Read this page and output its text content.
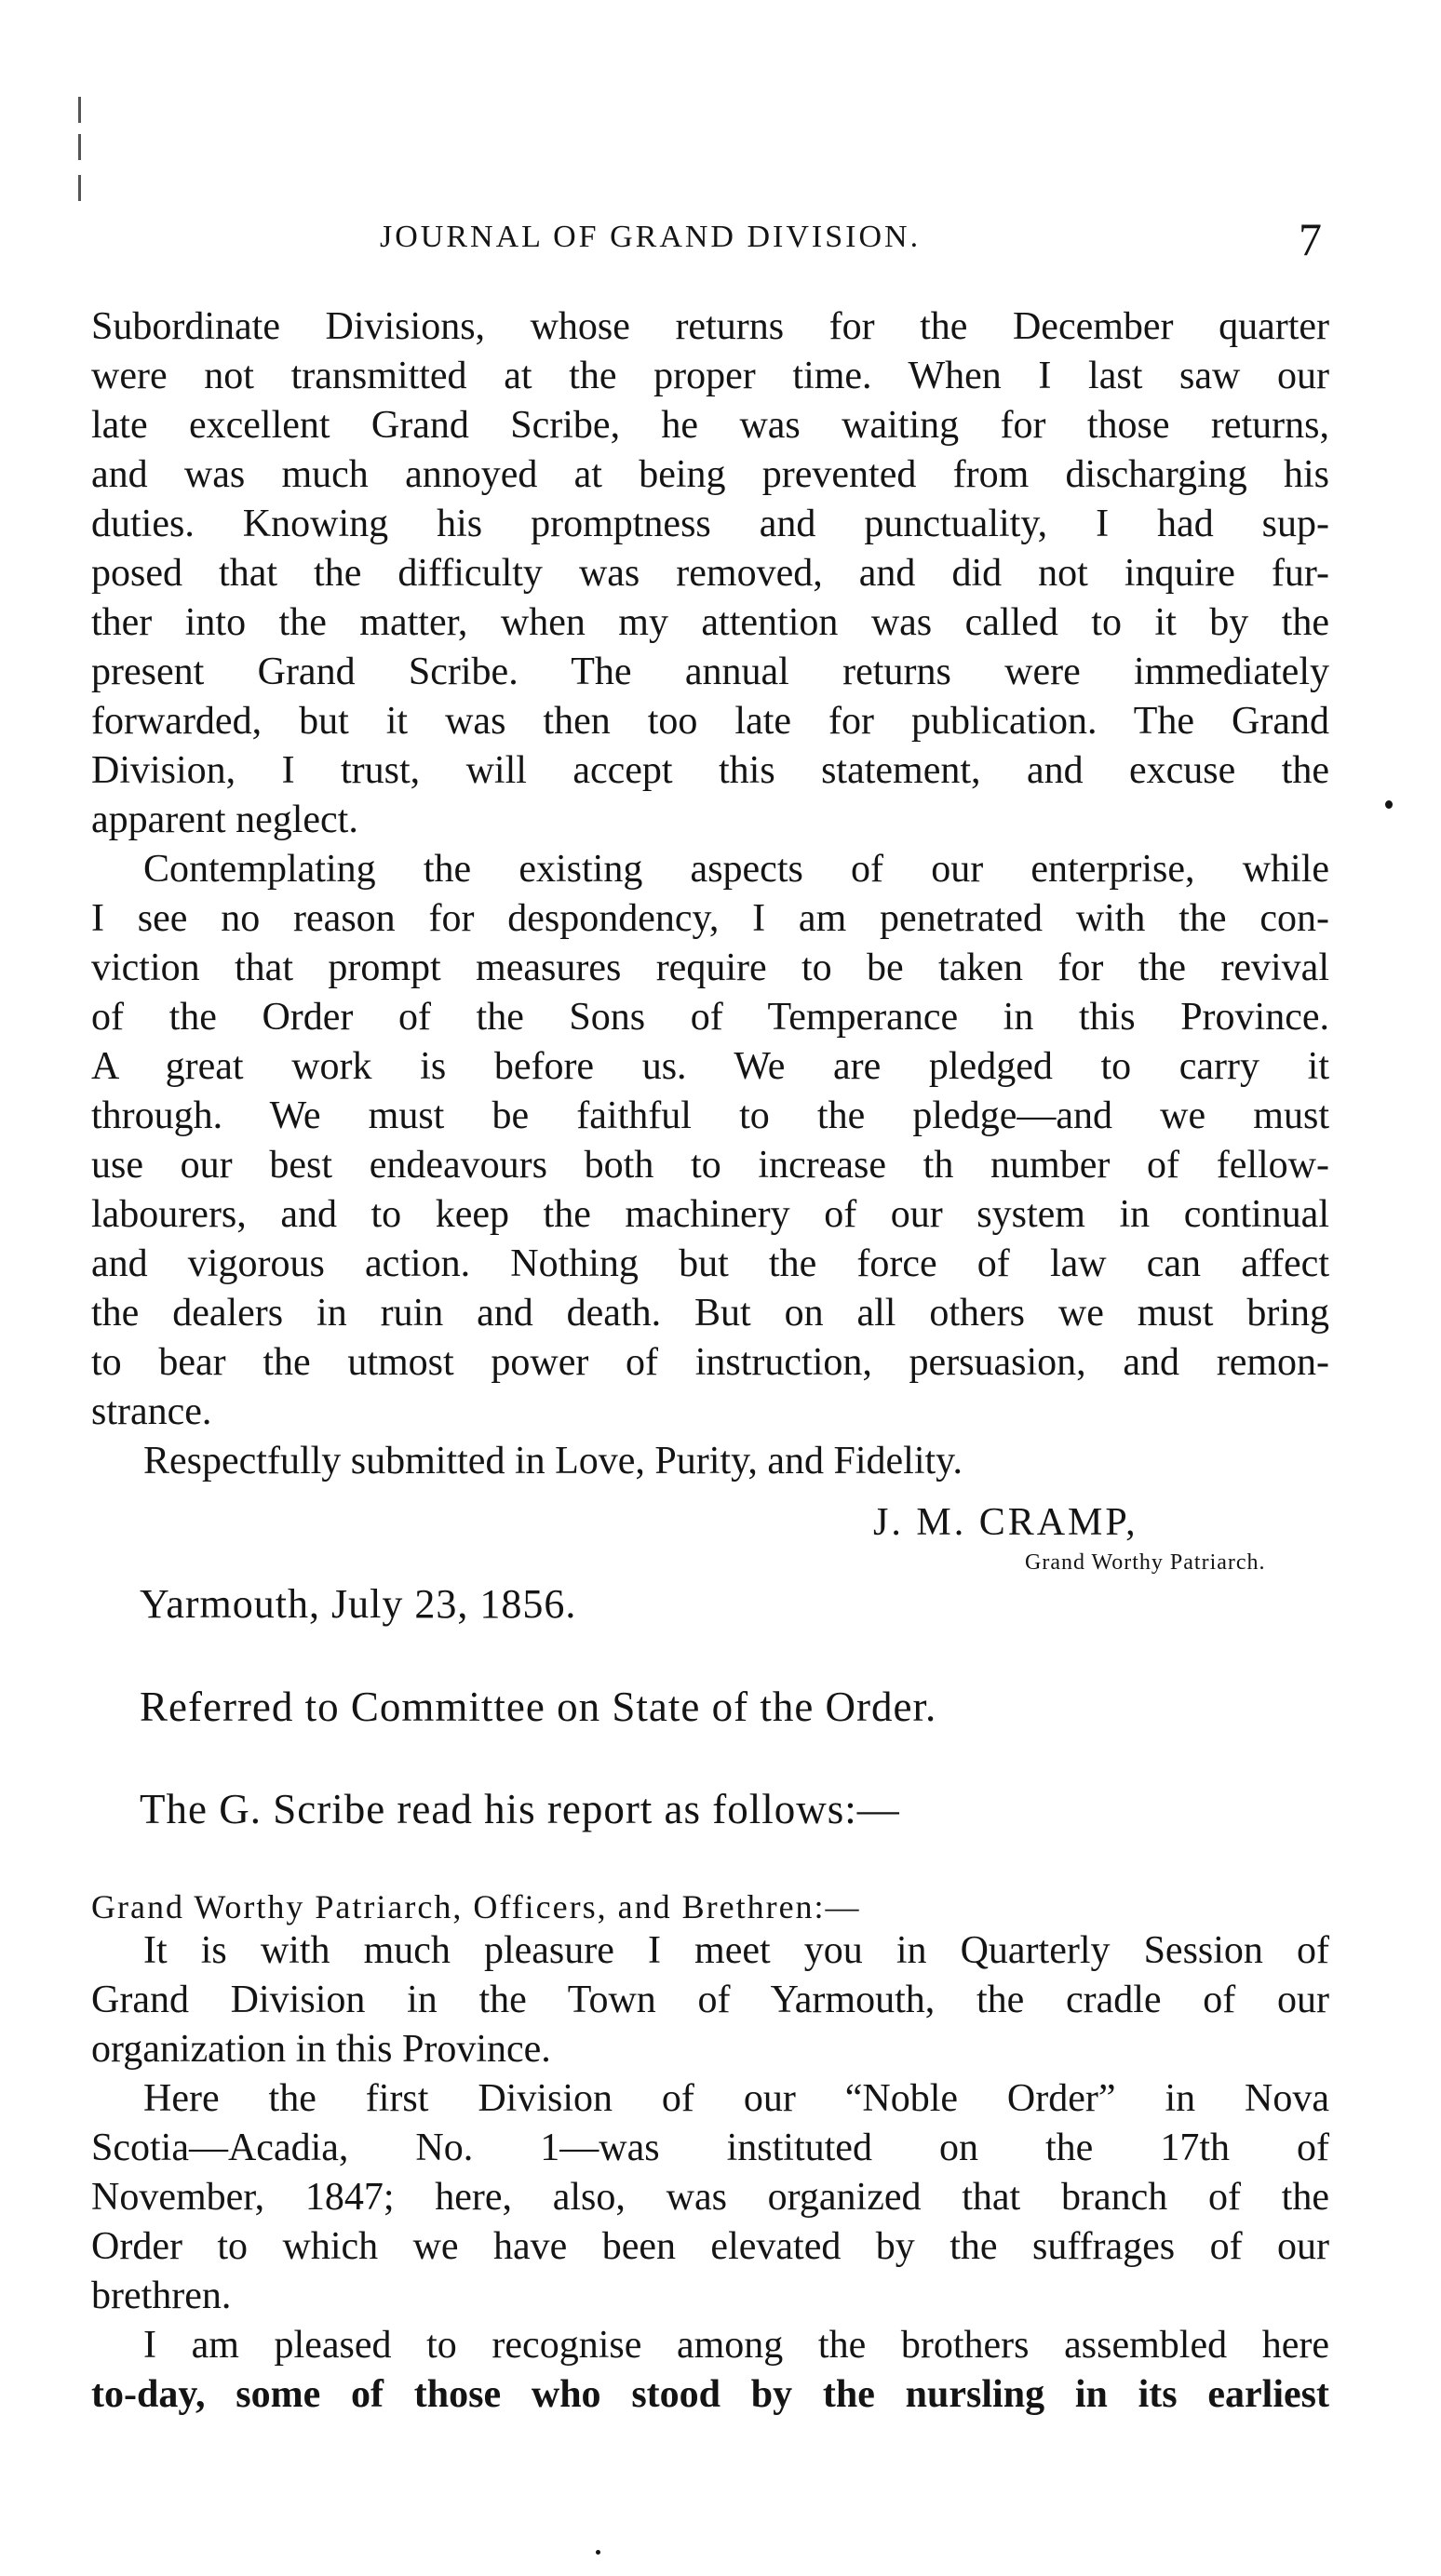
JOURNAL OF GRAND DIVISION.	7
Subordinate Divisions, whose returns for the December quarter
were not transmitted at the proper time. When I last saw our
late excellent Grand Scribe, he was waiting for those returns,
and was much annoyed at being prevented from discharging his
duties. Knowing his promptness and punctuality, I had sup-
posed that the difficulty was removed, and did not inquire fur-
ther into the matter, when my attention was called to it by the
present Grand Scribe. The annual returns were immediately
forwarded, but it was then too late for publication. The Grand
Division, I trust, will accept this statement, and excuse the
apparent neglect.
Contemplating the existing aspects of our enterprise, while
I see no reason for despondency, I am penetrated with the con-
viction that prompt measures require to be taken for the revival
of the Order of the Sons of Temperance in this Province.
A great work is before us. We are pledged to carry it
through. We must be faithful to the pledge—and we must
use our best endeavours both to increase th number of fellow-
labourers, and to keep the machinery of our system in continual
and vigorous action. Nothing but the force of law can affect
the dealers in ruin and death. But on all others we must bring
to bear the utmost power of instruction, persuasion, and remon-
strance.
Respectfully submitted in Love, Purity, and Fidelity.
J. M. CRAMP,
Grand Worthy Patriarch.
Yarmouth, July 23, 1856.
Referred to Committee on State of the Order.
The G. Scribe read his report as follows:—
Grand Worthy Patriarch, Officers, and Brethren:—
It is with much pleasure I meet you in Quarterly Session of
Grand Division in the Town of Yarmouth, the cradle of our
organization in this Province.
Here the first Division of our “Noble Order” in Nova
Scotia—Acadia, No. 1—was instituted on the 17th of
November, 1847; here, also, was organized that branch of the
Order to which we have been elevated by the suffrages of our
brethren.
I am pleased to recognise among the brothers assembled here
to-day, some of those who stood by the nursling in its earliest
